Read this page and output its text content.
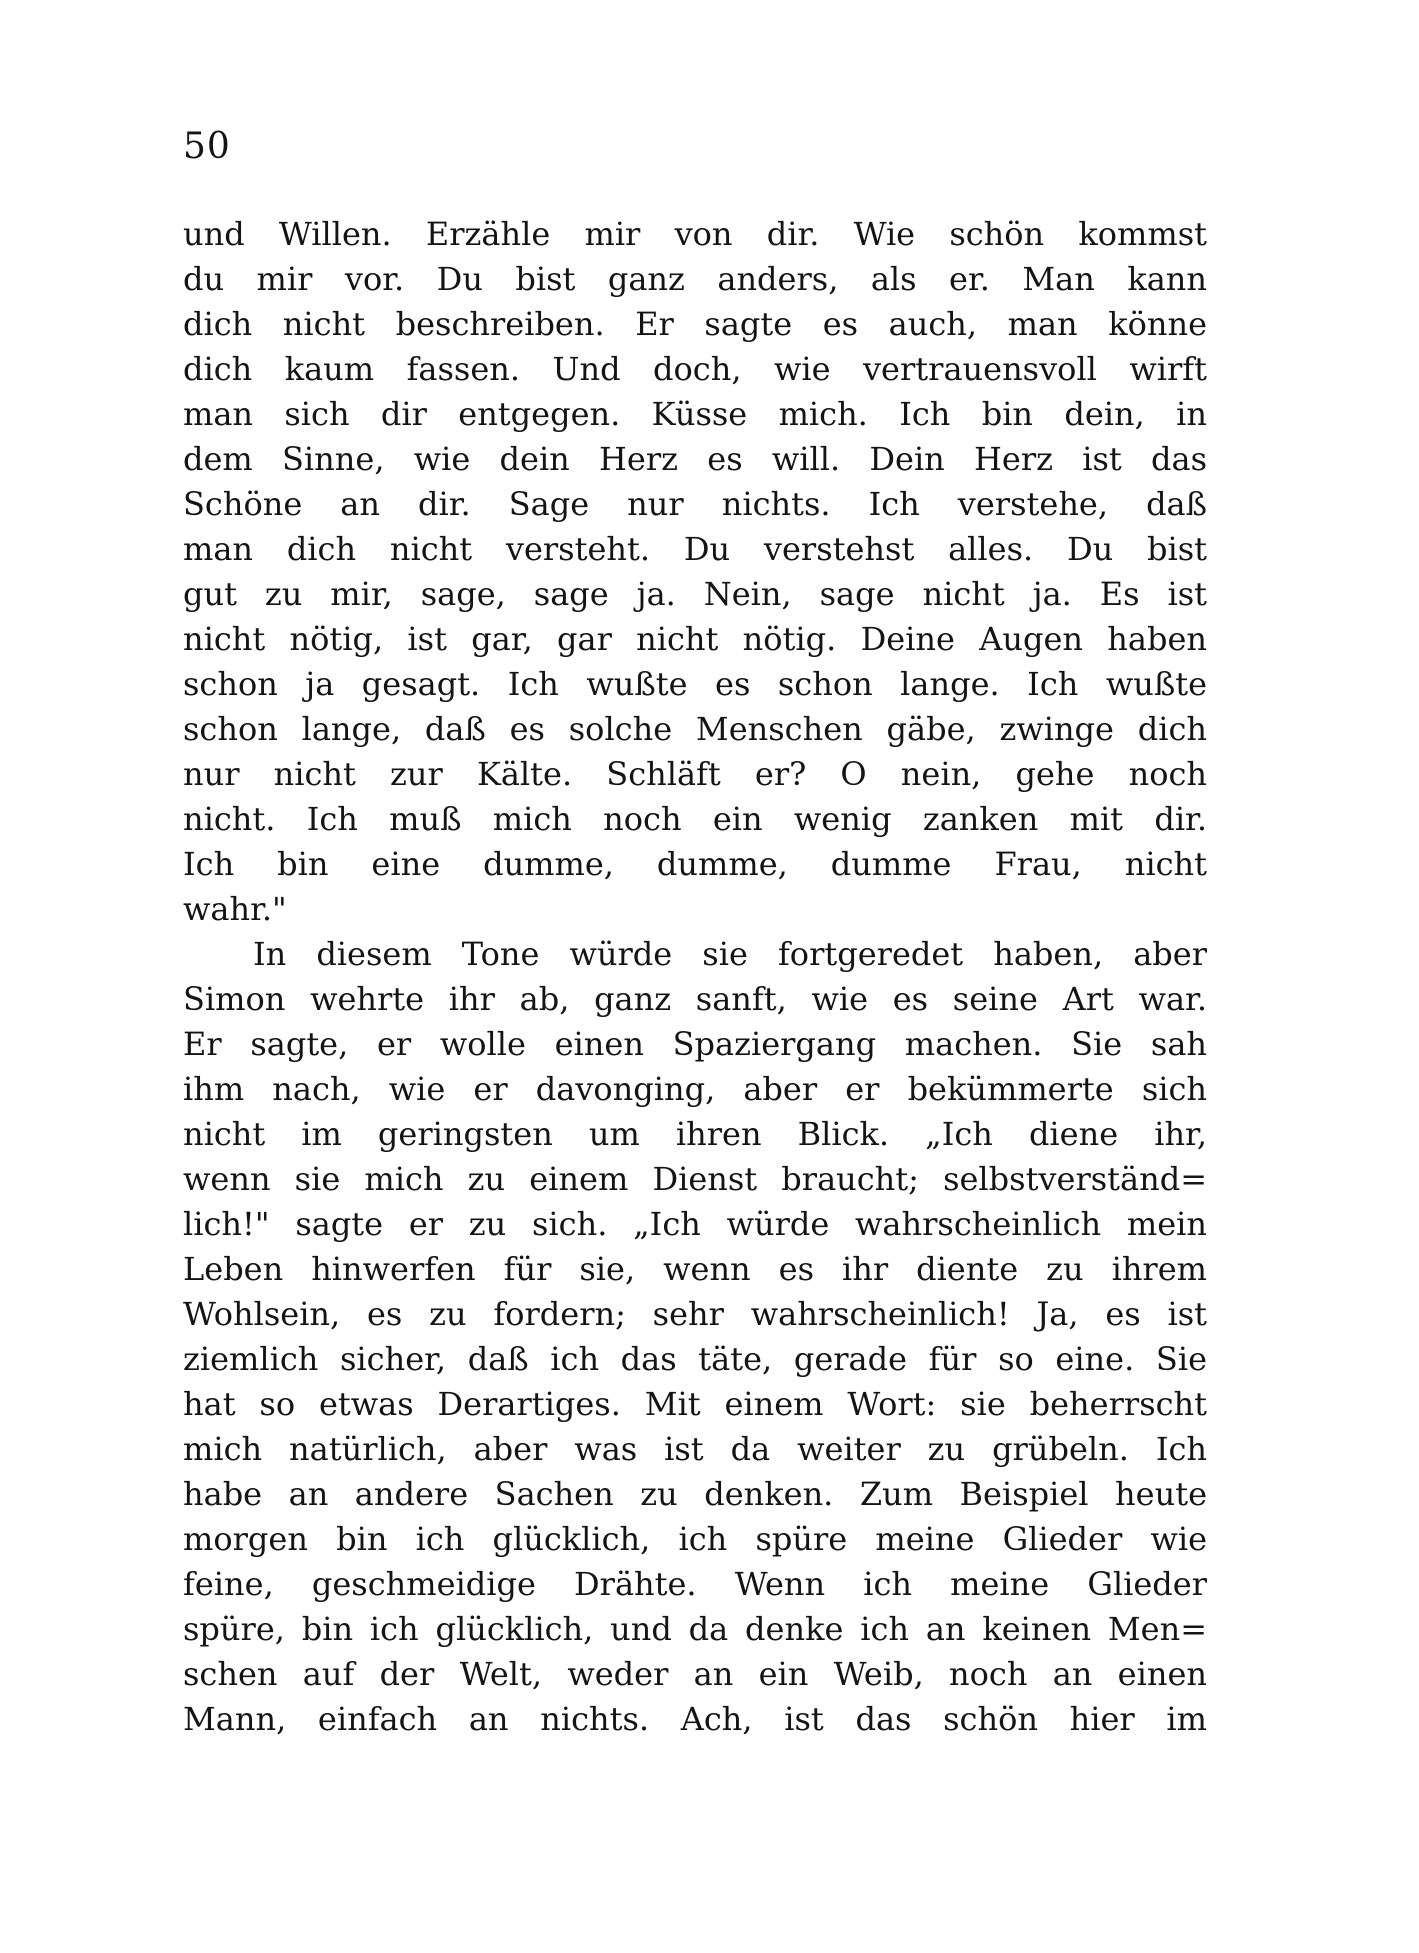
50
und Willen. Erzähle mir von dir. Wie schön kommst
du mir vor. Du bist ganz anders, als er. Man kann
dich nicht beschreiben. Er sagte es auch, man könne
dich kaum fassen. Und doch, wie vertrauensvoll wirft
man sich dir entgegen. Küsse mich. Ich bin dein, in
dem Sinne, wie dein Herz es will. Dein Herz ist das
Schöne an dir. Sage nur nichts. Ich verstehe, daß
man dich nicht versteht. Du verstehst alles. Du bist
gut zu mir, sage, sage ja. Nein, sage nicht ja. Es ist
nicht nötig, ist gar, gar nicht nötig. Deine Augen haben
schon ja gesagt. Ich wußte es schon lange. Ich wußte
schon lange, daß es solche Menschen gäbe, zwinge dich
nur nicht zur Kälte. Schläft er? O nein, gehe noch
nicht. Ich muß mich noch ein wenig zanken mit dir.
Ich bin eine dumme, dumme, dumme Frau, nicht
wahr."
In diesem Tone würde sie fortgeredet haben, aber
Simon wehrte ihr ab, ganz sanft, wie es seine Art war.
Er sagte, er wolle einen Spaziergang machen. Sie sah
ihm nach, wie er davonging, aber er bekümmerte sich
nicht im geringsten um ihren Blick. „Ich diene ihr,
wenn sie mich zu einem Dienst braucht; selbstverständ=
lich!" sagte er zu sich. „Ich würde wahrscheinlich mein
Leben hinwerfen für sie, wenn es ihr diente zu ihrem
Wohlsein, es zu fordern; sehr wahrscheinlich! Ja, es ist
ziemlich sicher, daß ich das täte, gerade für so eine. Sie
hat so etwas Derartiges. Mit einem Wort: sie beherrscht
mich natürlich, aber was ist da weiter zu grübeln. Ich
habe an andere Sachen zu denken. Zum Beispiel heute
morgen bin ich glücklich, ich spüre meine Glieder wie
feine, geschmeidige Drähte. Wenn ich meine Glieder
spüre, bin ich glücklich, und da denke ich an keinen Men=
schen auf der Welt, weder an ein Weib, noch an einen
Mann, einfach an nichts. Ach, ist das schön hier im
